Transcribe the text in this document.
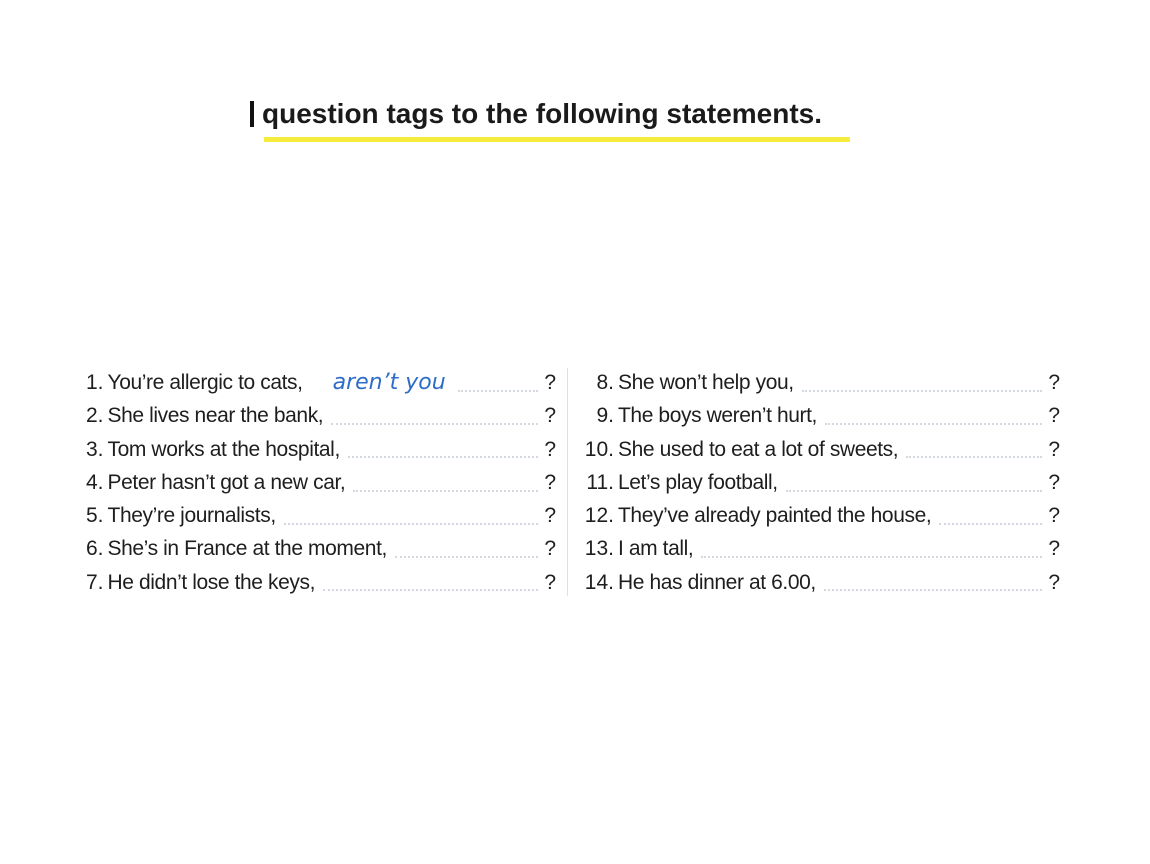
question tags to the following statements.
1. You’re allergic to cats, aren’t you	?
2. She lives near the bank,	?
3. Tom works at the hospital,	?
4. Peter hasn’t got a new car,	?
5. They’re journalists,	?
6. She’s in France at the moment,	?
7. He didn’t lose the keys,	?
8. She won’t help you,	?
9. The boys weren’t hurt,	?
10. She used to eat a lot of sweets,	?
11. Let’s play football,	?
12. They’ve already painted the house,	?
13. I am tall,	?
14. He has dinner at 6.00,	?
